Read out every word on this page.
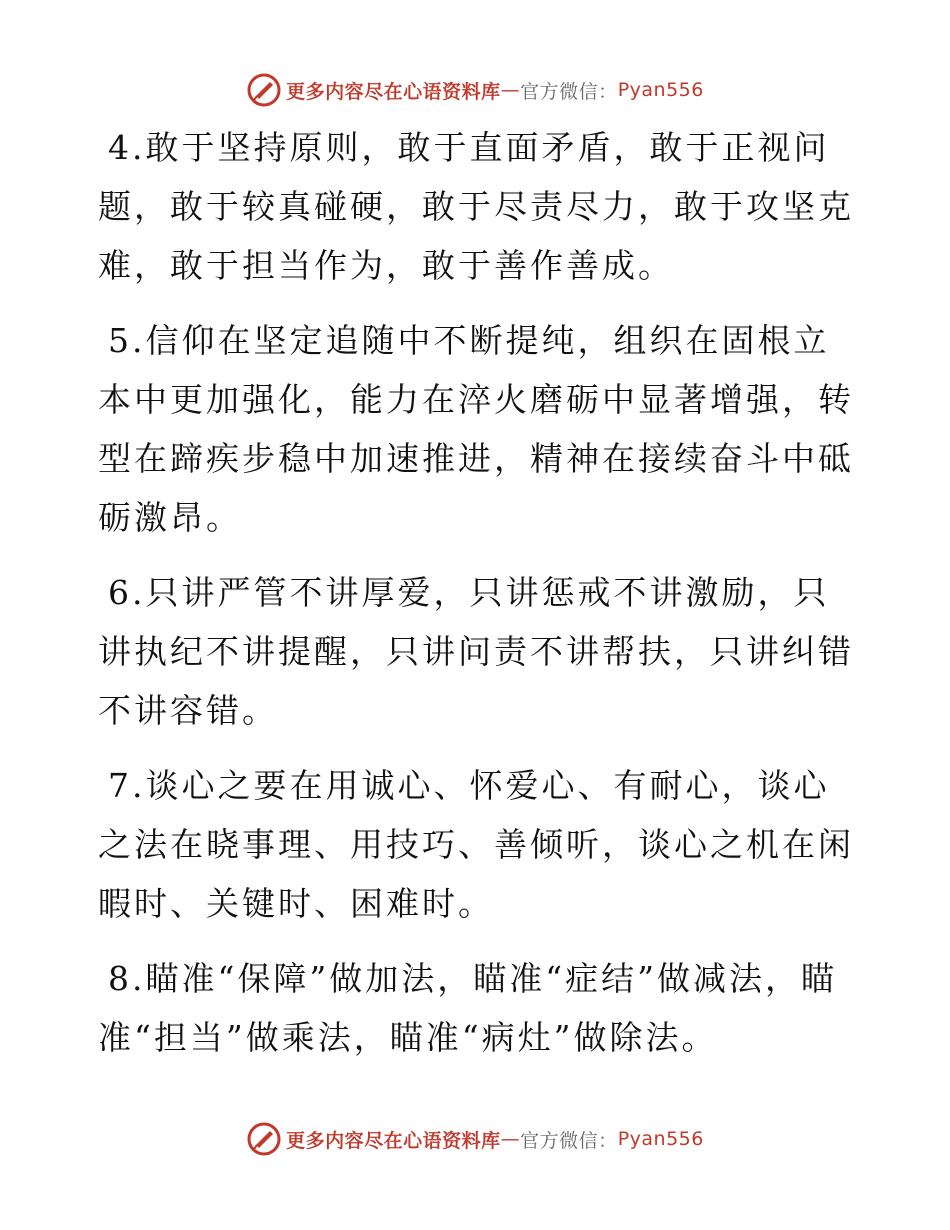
更多内容尽在心语资料库 — 官方微信： Pyan556

4.敢于坚持原则，敢于直面矛盾，敢于正视问题，敢于较真碰硬，敢于尽责尽力，敢于攻坚克难，敢于担当作为，敢于善作善成。

5.信仰在坚定追随中不断提纯，组织在固根立本中更加强化，能力在淬火磨砺中显著增强，转型在蹄疾步稳中加速推进，精神在接续奋斗中砥砺激昂。

6.只讲严管不讲厚爱，只讲惩戒不讲激励，只讲执纪不讲提醒，只讲问责不讲帮扶，只讲纠错不讲容错。

7.谈心之要在用诚心、怀爱心、有耐心，谈心之法在晓事理、用技巧、善倾听，谈心之机在闲暇时、关键时、困难时。

8.瞄准“保障”做加法，瞄准“症结”做减法，瞄准“担当”做乘法，瞄准“病灶”做除法。

更多内容尽在心语资料库 — 官方微信： Pyan556
